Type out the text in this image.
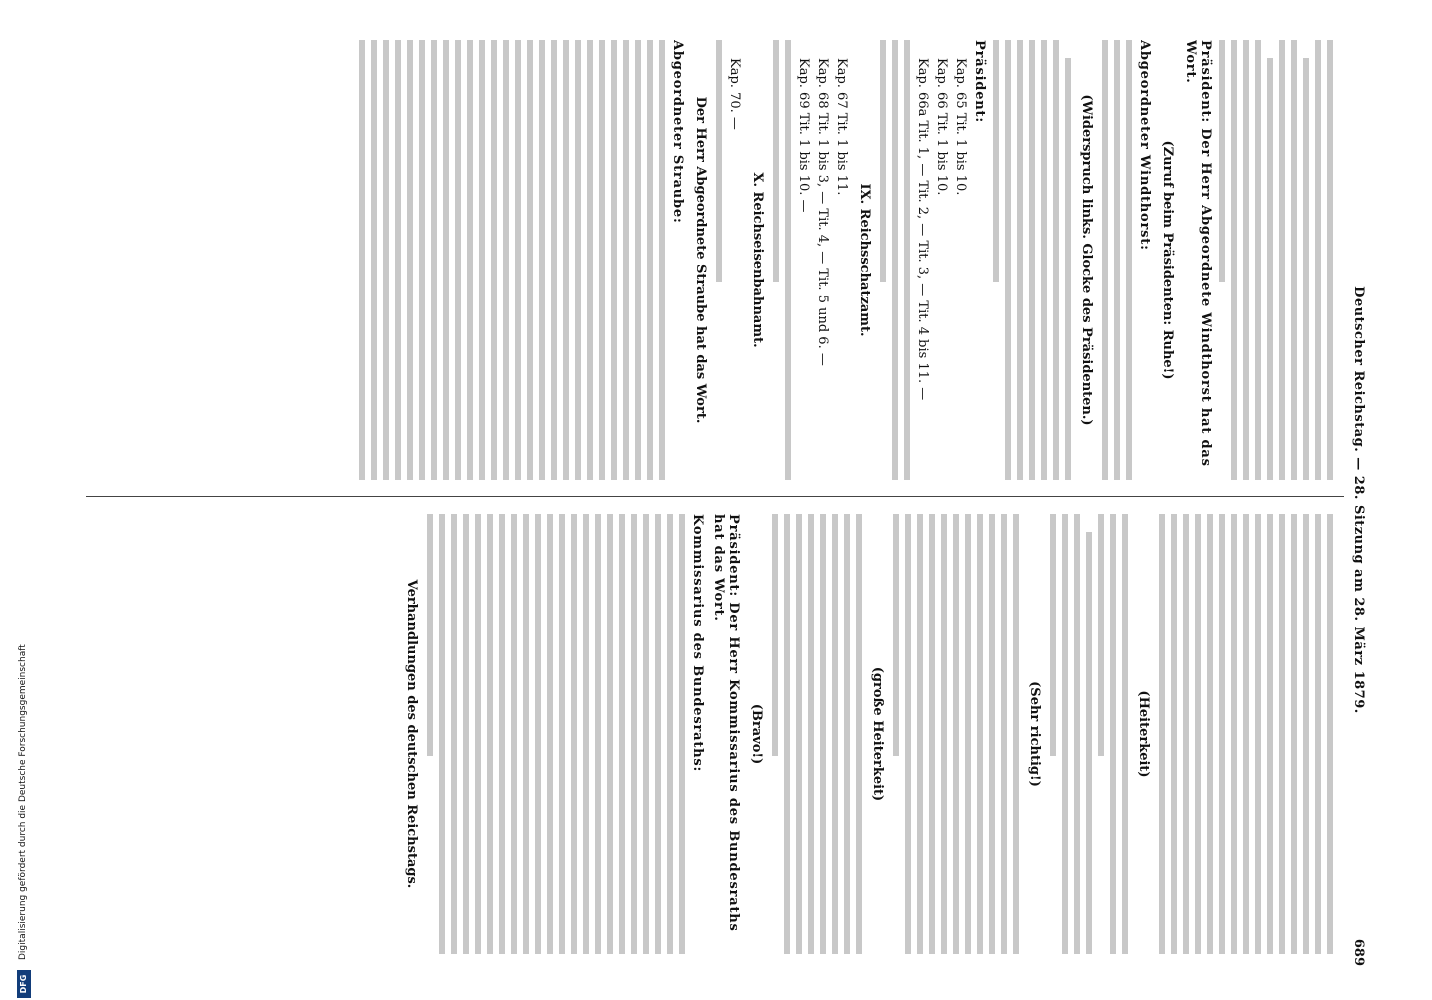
Deutscher Reichstag. — 28. Sitzung am 28. März 1879.
689
Präsident: Der Herr Abgeordnete Windthorst hat das Wort.
(Zuruf beim Präsidenten: Ruhe!)
Abgeordneter Windthorst:
(Widerspruch links. Glocke des Präsidenten.)
Präsident:
Kap. 65 Tit. 1 bis 10.
Kap. 66 Tit. 1 bis 10.
Kap. 66a Tit. 1, — Tit. 2, — Tit. 3, — Tit. 4 bis 11. —
IX. Reichsschatzamt.
Kap. 67 Tit. 1 bis 11.
Kap. 68 Tit. 1 bis 3, — Tit. 4, — Tit. 5 und 6. —
Kap. 69 Tit. 1 bis 10. —
X. Reichseisenbahnamt.
Kap. 70. —
Der Herr Abgeordnete Straube hat das Wort.
Abgeordneter Straube:
(Heiterkeit)
(Sehr richtig!)
(große Heiterkeit)
(Bravo!)
Präsident: Der Herr Kommissarius des Bundesraths hat das Wort.
Kommissarius des Bundesraths:
Verhandlungen des deutschen Reichstags.
DFG
Digitalisierung gefördert durch die Deutsche Forschungsgemeinschaft
